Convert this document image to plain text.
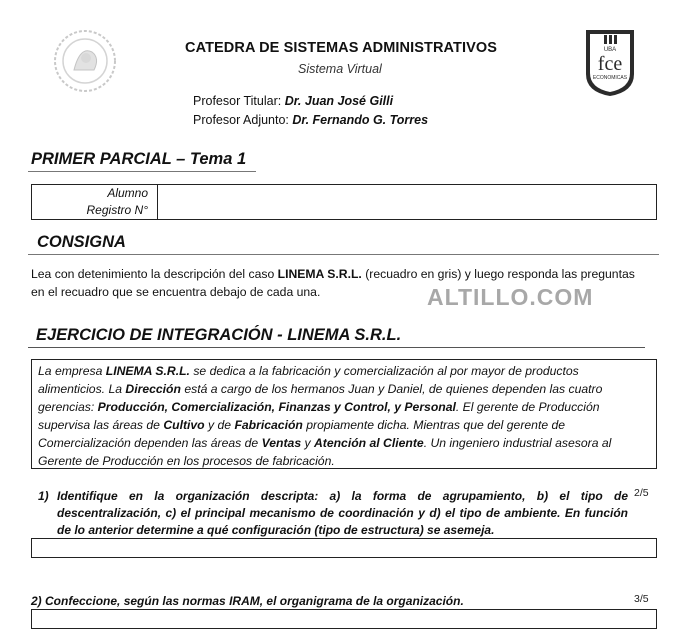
CATEDRA DE SISTEMAS ADMINISTRATIVOS
Sistema Virtual
Profesor Titular: Dr. Juan José Gilli
Profesor Adjunto: Dr. Fernando G. Torres
UBA
fce
ECONOMICAS
PRIMER PARCIAL – Tema 1
Alumno
Registro N°
CONSIGNA
Lea con detenimiento la descripción del caso LINEMA S.R.L. (recuadro en gris) y luego responda las preguntas
en el recuadro que se encuentra debajo de cada una.	ALTILLO.COM
EJERCICIO DE INTEGRACIÓN - LINEMA S.R.L.
La empresa LINEMA S.R.L. se dedica a la fabricación y comercialización al por mayor de productos
alimenticios. La Dirección está a cargo de los hermanos Juan y Daniel, de quienes dependen las cuatro
gerencias: Producción, Comercialización, Finanzas y Control, y Personal. El gerente de Producción
supervisa las áreas de Cultivo y de Fabricación propiamente dicha. Mientras que del gerente de
Comercialización dependen las áreas de Ventas y Atención al Cliente. Un ingeniero industrial asesora al
Gerente de Producción en los procesos de fabricación.
1) Identifique en la organización descripta: a) la forma de agrupamiento, b) el tipo de descentralización, c) el principal mecanismo de coordinación y d) el tipo de ambiente. En función de lo anterior determine a qué configuración (tipo de estructura) se asemeja.
2/5
2) Confeccione, según las normas IRAM, el organigrama de la organización.	3/5
